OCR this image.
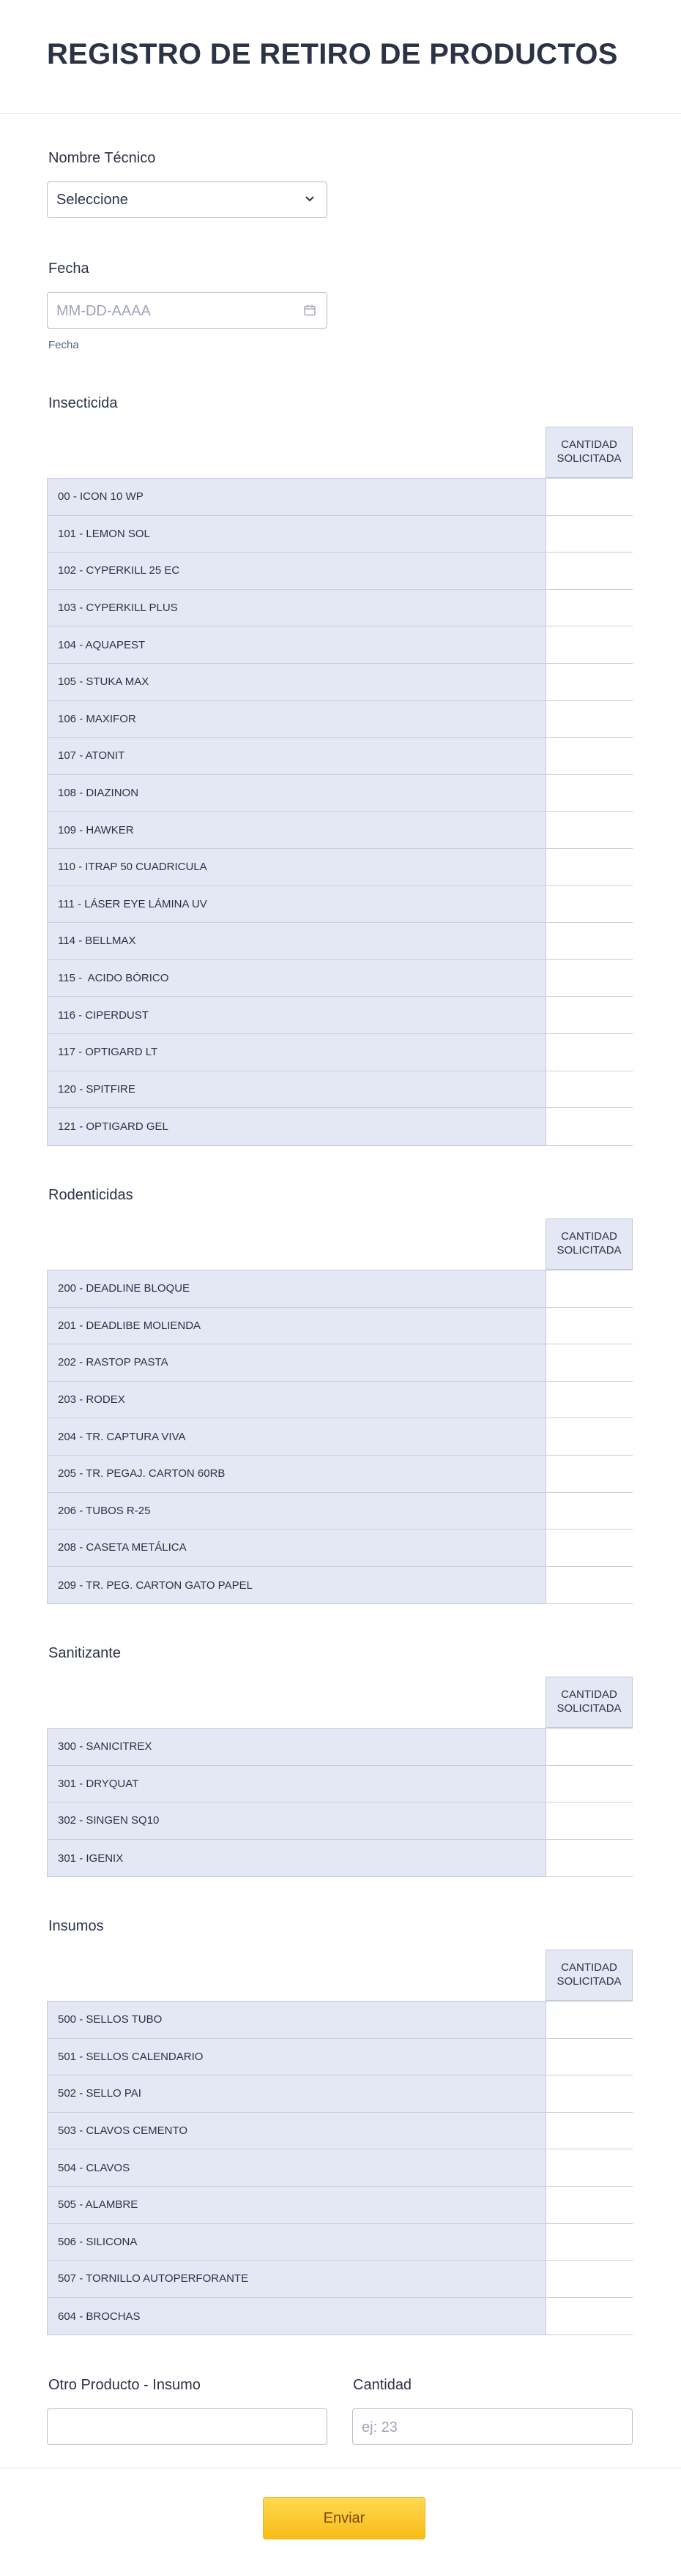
REGISTRO DE RETIRO DE PRODUCTOS
Nombre Técnico
Seleccione
Fecha
MM-DD-AAAA
Fecha
Insecticida
CANTIDAD SOLICITADA
00 - ICON 10 WP
101 - LEMON SOL
102 - CYPERKILL 25 EC
103 - CYPERKILL PLUS
104 - AQUAPEST
105 - STUKA MAX
106 - MAXIFOR
107 - ATONIT
108 - DIAZINON
109 - HAWKER
110 - ITRAP 50 CUADRICULA
111 - LÁSER EYE LÁMINA UV
114 - BELLMAX
115 -  ACIDO BÓRICO
116 - CIPERDUST
117 - OPTIGARD LT
120 - SPITFIRE
121 - OPTIGARD GEL
Rodenticidas
CANTIDAD SOLICITADA
200 - DEADLINE BLOQUE
201 - DEADLIBE MOLIENDA
202 - RASTOP PASTA
203 - RODEX
204 - TR. CAPTURA VIVA
205 - TR. PEGAJ. CARTON 60RB
206 - TUBOS R-25
208 - CASETA METÁLICA
209 - TR. PEG. CARTON GATO PAPEL
Sanitizante
CANTIDAD SOLICITADA
300 - SANICITREX
301 - DRYQUAT
302 - SINGEN SQ10
301 - IGENIX
Insumos
CANTIDAD SOLICITADA
500 - SELLOS TUBO
501 - SELLOS CALENDARIO
502 - SELLO PAI
503 - CLAVOS CEMENTO
504 - CLAVOS
505 - ALAMBRE
506 - SILICONA
507 - TORNILLO AUTOPERFORANTE
604 - BROCHAS
Otro Producto - Insumo	Cantidad
ej: 23
Enviar
